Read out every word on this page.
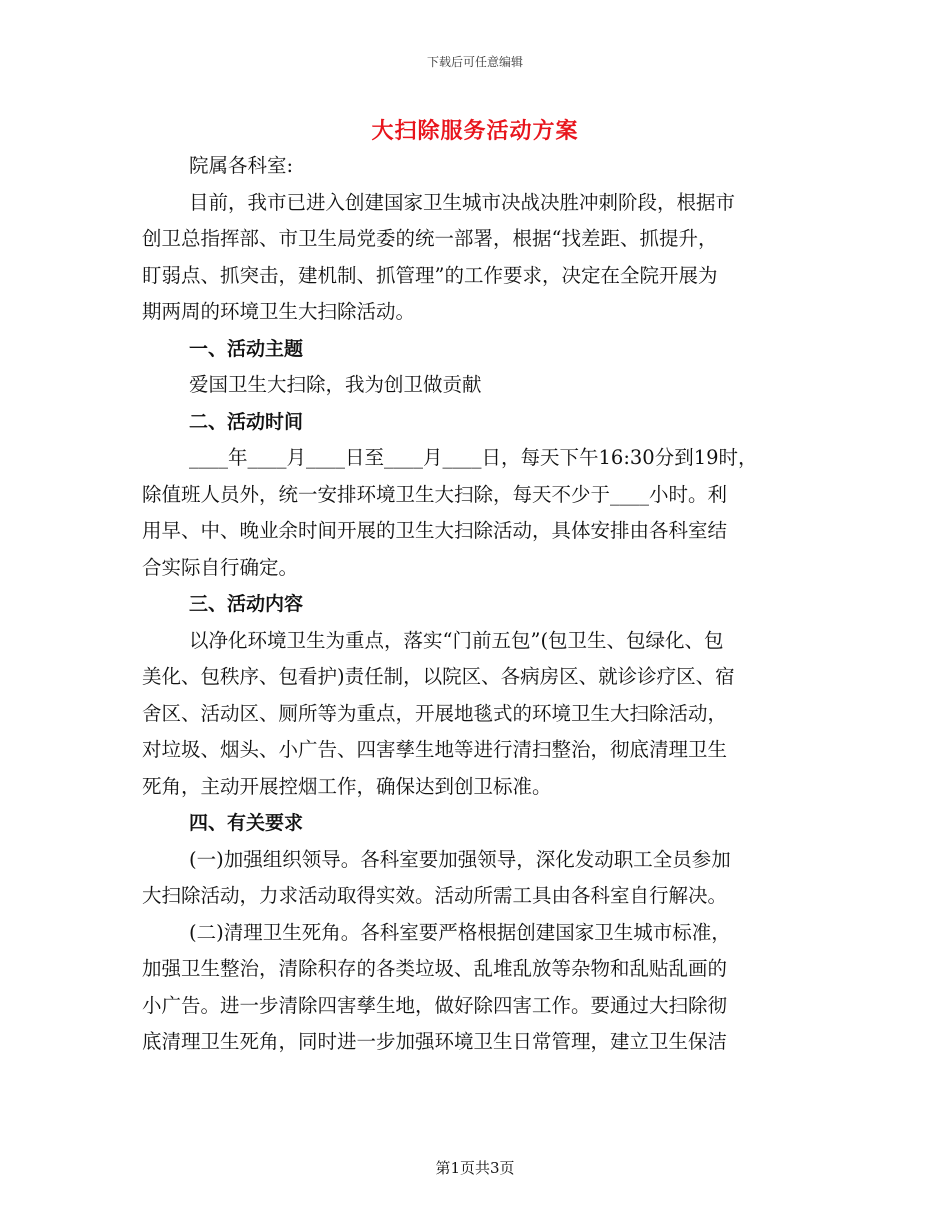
下载后可任意编辑
大扫除服务活动方案
院属各科室:
目前，我市已进入创建国家卫生城市决战决胜冲刺阶段，根据市
创卫总指挥部、市卫生局党委的统一部署，根据“找差距、抓提升，
盯弱点、抓突击，建机制、抓管理”的工作要求，决定在全院开展为
期两周的环境卫生大扫除活动。
一、活动主题
爱国卫生大扫除，我为创卫做贡献
二、活动时间
____年____月____日至____月____日，每天下午16:30分到19时，
除值班人员外，统一安排环境卫生大扫除，每天不少于____小时。利
用早、中、晚业余时间开展的卫生大扫除活动，具体安排由各科室结
合实际自行确定。
三、活动内容
以净化环境卫生为重点，落实“门前五包”(包卫生、包绿化、包
美化、包秩序、包看护)责任制，以院区、各病房区、就诊诊疗区、宿
舍区、活动区、厕所等为重点，开展地毯式的环境卫生大扫除活动，
对垃圾、烟头、小广告、四害孳生地等进行清扫整治，彻底清理卫生
死角，主动开展控烟工作，确保达到创卫标准。
四、有关要求
(一)加强组织领导。各科室要加强领导，深化发动职工全员参加
大扫除活动，力求活动取得实效。活动所需工具由各科室自行解决。
(二)清理卫生死角。各科室要严格根据创建国家卫生城市标准，
加强卫生整治，清除积存的各类垃圾、乱堆乱放等杂物和乱贴乱画的
小广告。进一步清除四害孳生地，做好除四害工作。要通过大扫除彻
底清理卫生死角，同时进一步加强环境卫生日常管理，建立卫生保洁
第1页共3页
